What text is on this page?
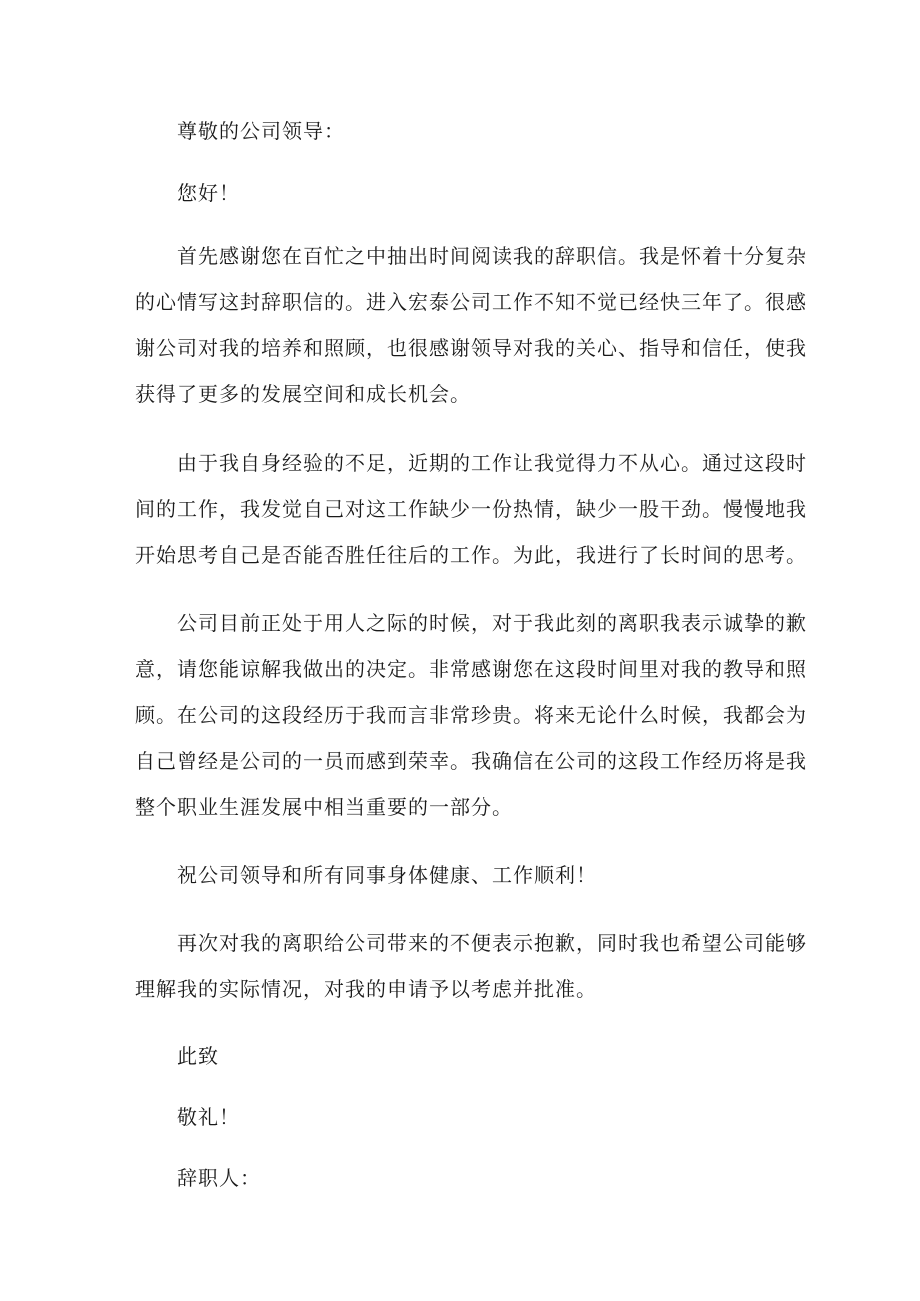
尊敬的公司领导：

您好！

首先感谢您在百忙之中抽出时间阅读我的辞职信。我是怀着十分复杂

的心情写这封辞职信的。进入宏泰公司工作不知不觉已经快三年了。很感

谢公司对我的培养和照顾，也很感谢领导对我的关心、指导和信任，使我

获得了更多的发展空间和成长机会。

由于我自身经验的不足，近期的工作让我觉得力不从心。通过这段时

间的工作，我发觉自己对这工作缺少一份热情，缺少一股干劲。慢慢地我

开始思考自己是否能否胜任往后的工作。为此，我进行了长时间的思考。

公司目前正处于用人之际的时候，对于我此刻的离职我表示诚挚的歉

意，请您能谅解我做出的决定。非常感谢您在这段时间里对我的教导和照

顾。在公司的这段经历于我而言非常珍贵。将来无论什么时候，我都会为

自己曾经是公司的一员而感到荣幸。我确信在公司的这段工作经历将是我

整个职业生涯发展中相当重要的一部分。

祝公司领导和所有同事身体健康、工作顺利！

再次对我的离职给公司带来的不便表示抱歉，同时我也希望公司能够

理解我的实际情况，对我的申请予以考虑并批准。

此致

敬礼！

辞职人：
